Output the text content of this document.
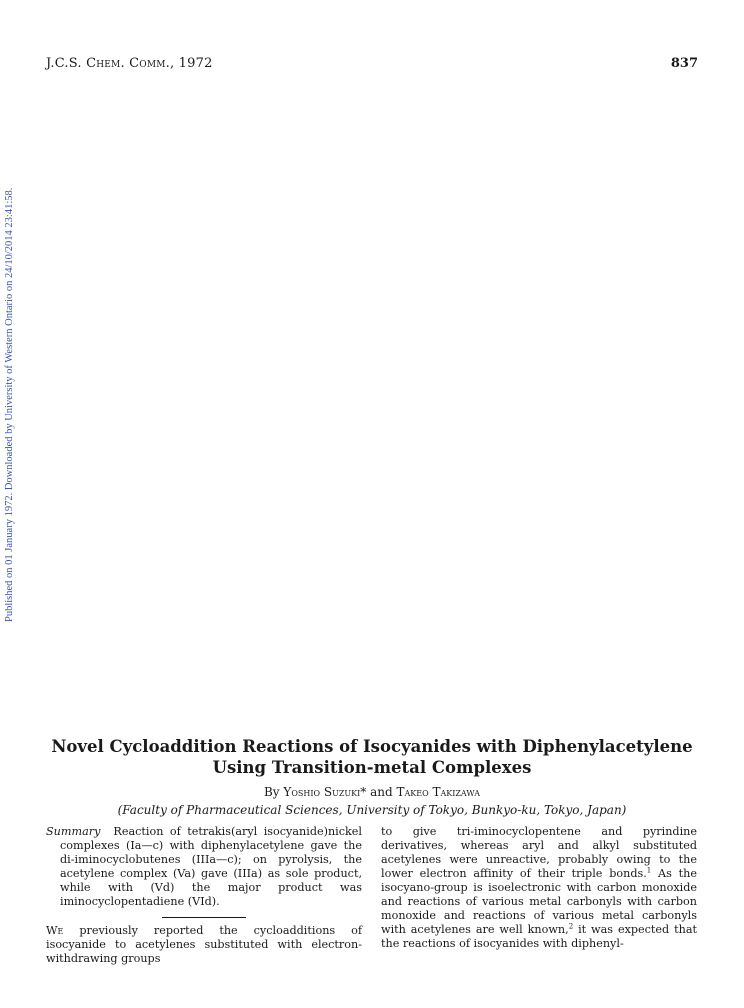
J.C.S. Chem. Comm., 1972	837
Published on 01 January 1972. Downloaded by University of Western Ontario on 24/10/2014 23:41:58.
Novel Cycloaddition Reactions of Isocyanides with Diphenylacetylene
Using Transition-metal Complexes
By Yoshio Suzuki* and Takeo Takizawa
(Faculty of Pharmaceutical Sciences, University of Tokyo, Bunkyo-ku, Tokyo, Japan)

Summary Reaction of tetrakis(aryl isocyanide)nickel complexes (Ia—c) with diphenylacetylene gave the di-iminocyclobutenes (IIIa—c); on pyrolysis, the acetylene complex (Va) gave (IIIa) as sole product, while with (Vd) the major product was iminocyclopentadiene (VId).

We previously reported the cycloadditions of isocyanide to acetylenes substituted with electron-withdrawing groups

to give tri-iminocyclopentene and pyrindine derivatives, whereas aryl and alkyl substituted acetylenes were unreactive, probably owing to the lower electron affinity of their triple bonds.$^1$ As the isocyano-group is isoelectronic with carbon monoxide and reactions of various metal carbonyls with carbon monoxide and reactions of various metal carbonyls with acetylenes are well known,$^2$ it was expected that the reactions of isocyanides with diphenyl-
